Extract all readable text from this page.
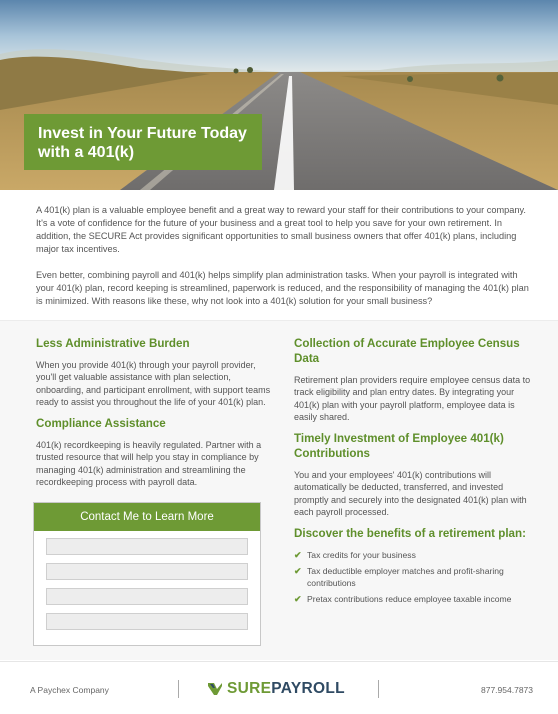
Invest in Your Future Today
with a 401(k)

A 401(k) plan is a valuable employee benefit and a great way to reward your staff for their contributions to your company. It's a vote of confidence for the future of your business and a great tool to help you save for your own retirement. In addition, the SECURE Act provides significant opportunities to small business owners that offer 401(k) plans, including major tax incentives.

Even better, combining payroll and 401(k) helps simplify plan administration tasks. When your payroll is integrated with your 401(k) plan, record keeping is streamlined, paperwork is reduced, and the responsibility of managing the 401(k) plan is minimized. With reasons like these, why not look into a 401(k) solution for your small business?

Less Administrative Burden

When you provide 401(k) through your payroll provider, you'll get valuable assistance with plan selection, onboarding, and participant enrollment, with support teams ready to assist you throughout the life of your 401(k) plan.

Compliance Assistance

401(k) recordkeeping is heavily regulated. Partner with a trusted resource that will help you stay in compliance by managing 401(k) administration and streamlining the recordkeeping process with payroll data.

Contact Me to Learn More
Collection of Accurate Employee Census Data

Retirement plan providers require employee census data to track eligibility and plan entry dates. By integrating your 401(k) plan with your payroll platform, employee data is easily shared.

Timely Investment of Employee 401(k) Contributions

You and your employees' 401(k) contributions will automatically be deducted, transferred, and invested promptly and securely into the designated 401(k) plan with each payroll processed.

Discover the benefits of a retirement plan:
✔ Tax credits for your business
✔ Tax deductible employer matches and profit-sharing contributions
✔ Pretax contributions reduce employee taxable income
A Paychex Company	SUREPAYROLL	877.954.7873
